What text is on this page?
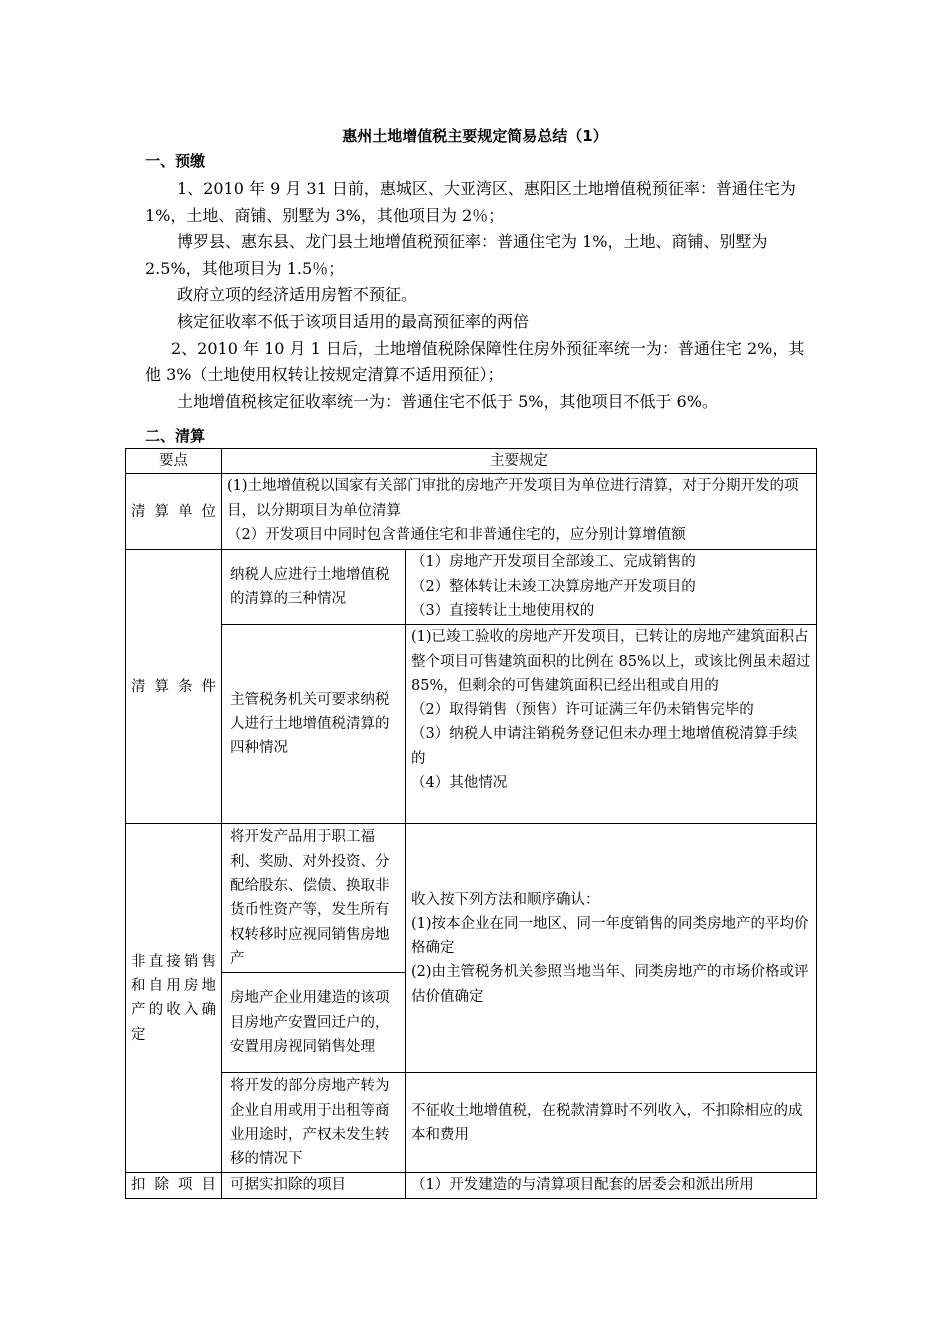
惠州土地增值税主要规定简易总结（1）
一、预缴

1、2010 年 9 月 31 日前，惠城区、大亚湾区、惠阳区土地增值税预征率：普通住宅为 1%，土地、商铺、别墅为 3%，其他项目为 2％；

博罗县、惠东县、龙门县土地增值税预征率：普通住宅为 1%，土地、商铺、别墅为 2.5%，其他项目为 1.5％；

政府立项的经济适用房暂不预征。

核定征收率不低于该项目适用的最高预征率的两倍

2、2010 年 10 月 1 日后，土地增值税除保障性住房外预征率统一为：普通住宅 2%，其他 3%（土地使用权转让按规定清算不适用预征）；

土地增值税核定征收率统一为：普通住宅不低于 5%，其他项目不低于 6%。

二、清算
要点	主要规定	

清算单位	(1)土地增值税以国家有关部门审批的房地产开发项目为单位进行清算，对于分期开发的项目，以分期项目为单位清算
（2）开发项目中同时包含普通住宅和非普通住宅的，应分别计算增值额	

清算条件	纳税人应进行土地增值税的清算的三种情况	（1）房地产开发项目全部竣工、完成销售的
（2）整体转让未竣工决算房地产开发项目的
（3）直接转让土地使用权的

	主管税务机关可要求纳税人进行土地增值税清算的四种情况	(1)已竣工验收的房地产开发项目，已转让的房地产建筑面积占整个项目可售建筑面积的比例在 85%以上，或该比例虽未超过 85%，但剩余的可售建筑面积已经出租或自用的
（2）取得销售（预售）许可证满三年仍未销售完毕的
（3）纳税人申请注销税务登记但未办理土地增值税清算手续的
（4）其他情况

非直接销售和自用房地产的收入确定	将开发产品用于职工福利、奖励、对外投资、分配给股东、偿债、换取非货币性资产等，发生所有权转移时应视同销售房地产	收入按下列方法和顺序确认：
(1)按本企业在同一地区、同一年度销售的同类房地产的平均价格确定
(2)由主管税务机关参照当地当年、同类房地产的市场价格或评估价值确定

	房地产企业用建造的该项目房地产安置回迁户的，安置用房视同销售处理	
	将开发的部分房地产转为企业自用或用于出租等商业用途时，产权未发生转移的情况下	不征收土地增值税，在税款清算时不列收入，不扣除相应的成本和费用

扣除项目	可据实扣除的项目	（1）开发建造的与清算项目配套的居委会和派出所用
